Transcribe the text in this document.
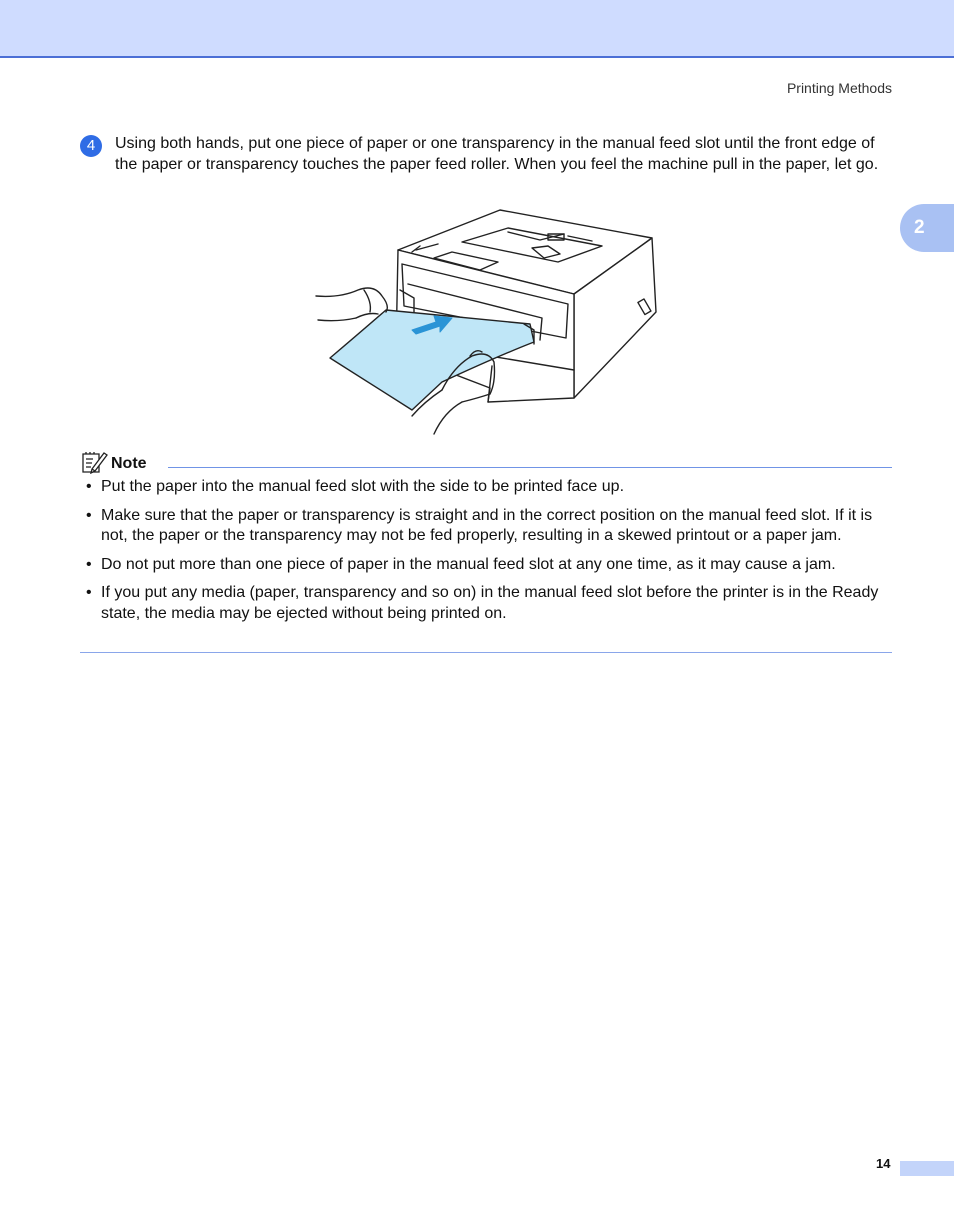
Printing Methods
2
4	Using both hands, put one piece of paper or one transparency in the manual feed slot until the front edge of the paper or transparency touches the paper feed roller. When you feel the machine pull in the paper, let go.
Note
• Put the paper into the manual feed slot with the side to be printed face up.
• Make sure that the paper or transparency is straight and in the correct position on the manual feed slot. If it is not, the paper or the transparency may not be fed properly, resulting in a skewed printout or a paper jam.
• Do not put more than one piece of paper in the manual feed slot at any one time, as it may cause a jam.
• If you put any media (paper, transparency and so on) in the manual feed slot before the printer is in the Ready state, the media may be ejected without being printed on.
14
